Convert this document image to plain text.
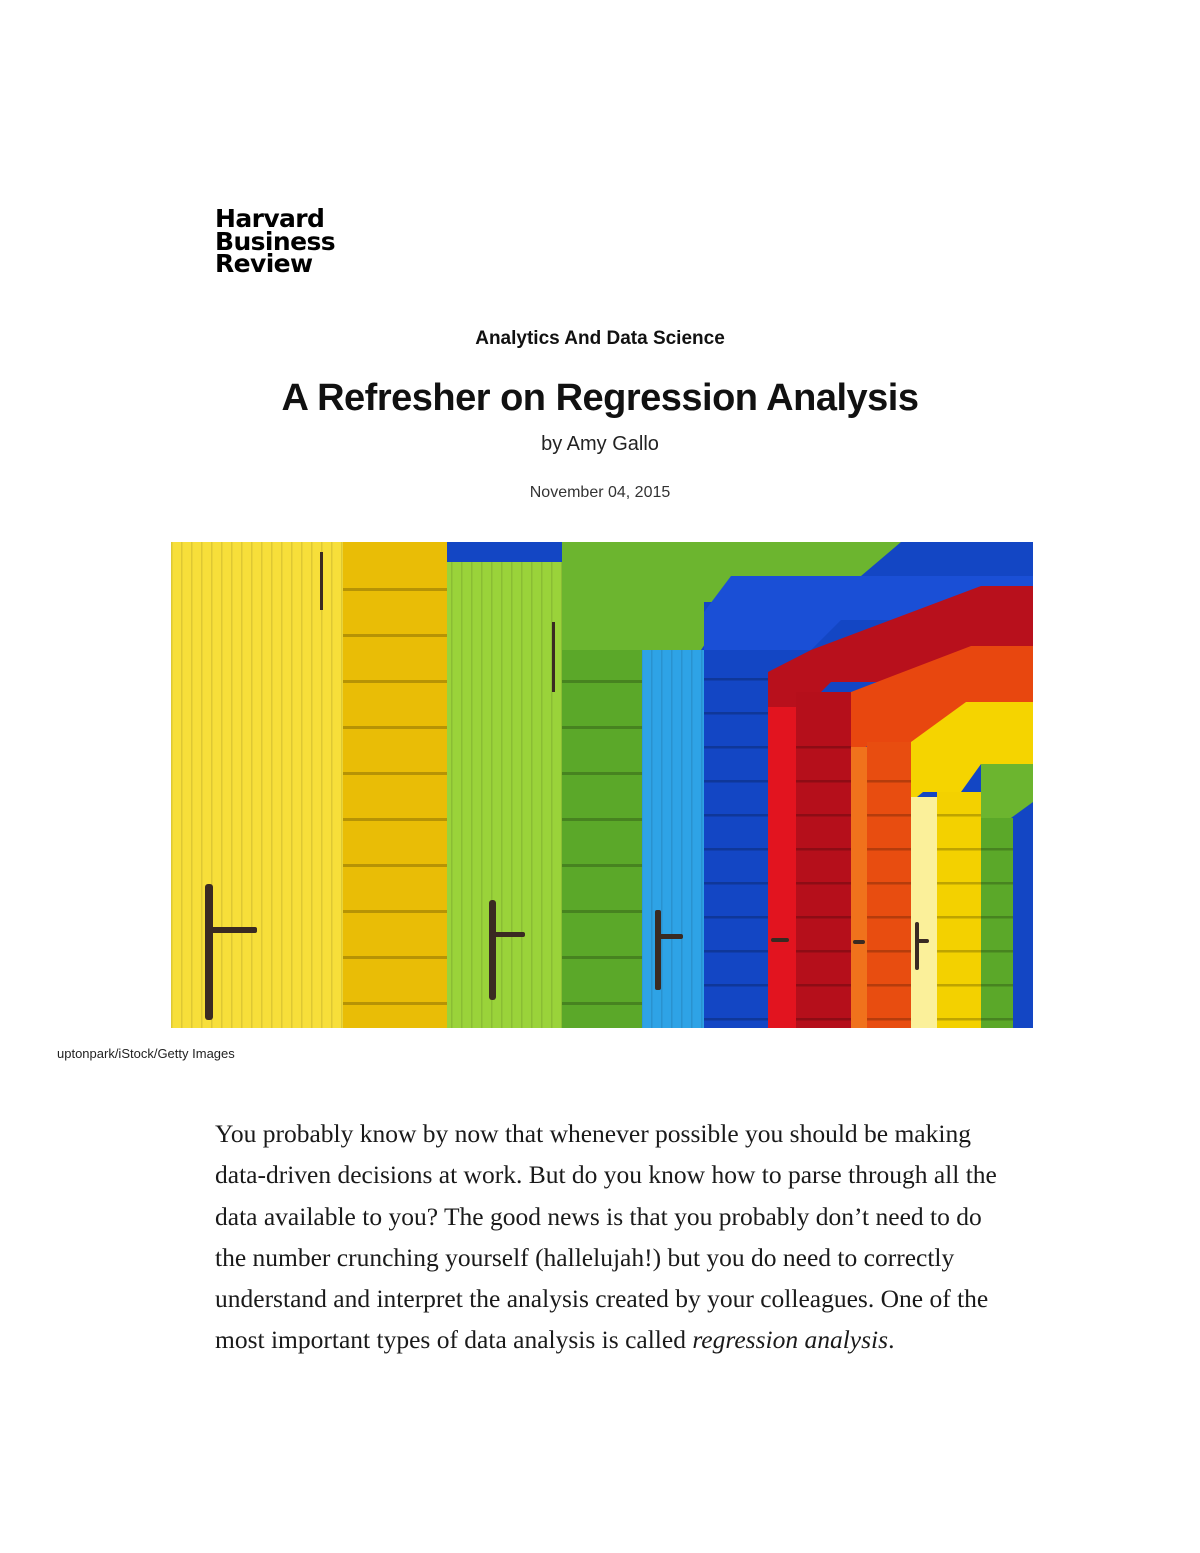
Harvard
Business
Review
Analytics And Data Science
A Refresher on Regression Analysis
by Amy Gallo
November 04, 2015
uptonpark/iStock/Getty Images

You probably know by now that whenever possible you should be making data-driven decisions at work. But do you know how to parse through all the data available to you? The good news is that you probably don’t need to do the number crunching yourself (hallelujah!) but you do need to correctly understand and interpret the analysis created by your colleagues. One of the most important types of data analysis is called regression analysis.
